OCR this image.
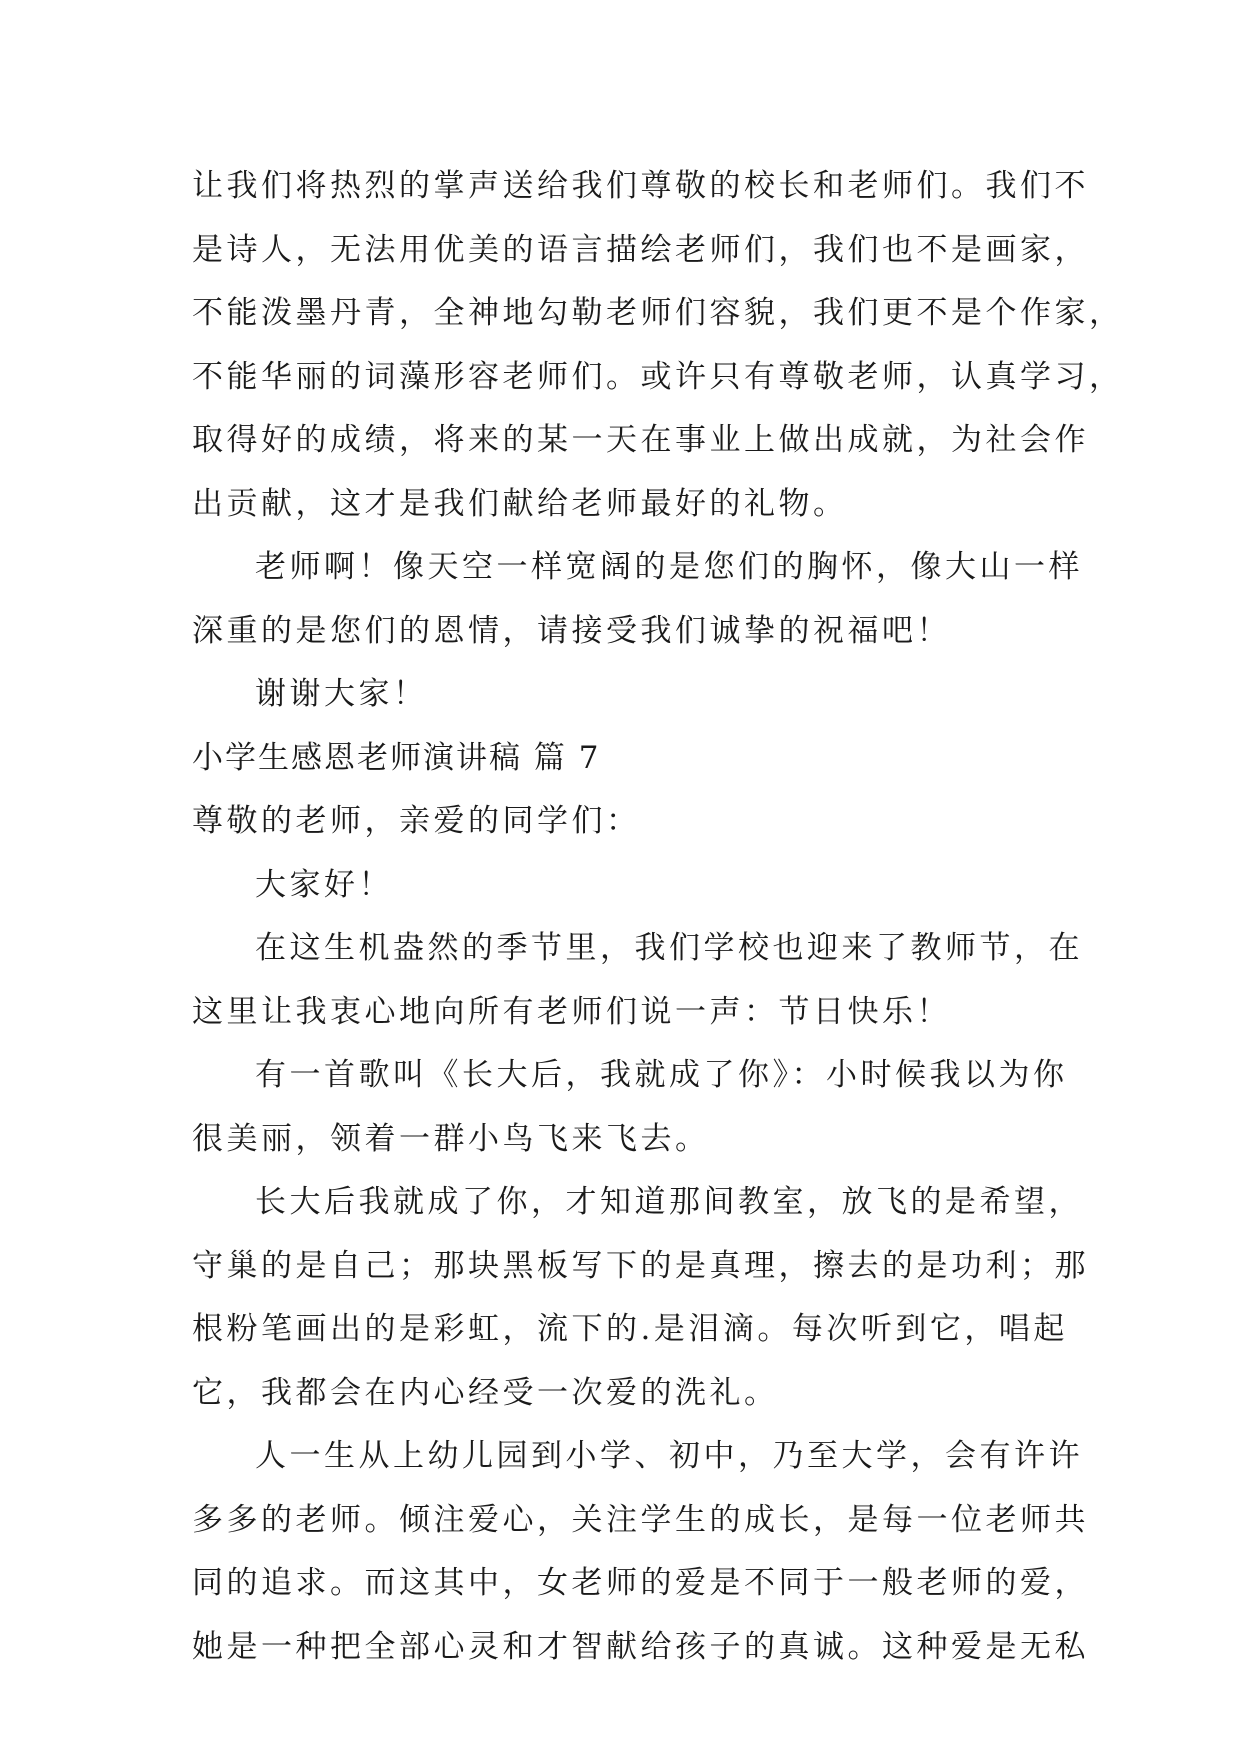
让我们将热烈的掌声送给我们尊敬的校长和老师们。我们不
是诗人，无法用优美的语言描绘老师们，我们也不是画家，
不能泼墨丹青，全神地勾勒老师们容貌，我们更不是个作家，
不能华丽的词藻形容老师们。或许只有尊敬老师，认真学习，
取得好的成绩，将来的某一天在事业上做出成就，为社会作
出贡献，这才是我们献给老师最好的礼物。
老师啊！像天空一样宽阔的是您们的胸怀，像大山一样
深重的是您们的恩情，请接受我们诚挚的祝福吧！
谢谢大家！
小学生感恩老师演讲稿 篇 7
尊敬的老师，亲爱的同学们：
大家好！
在这生机盎然的季节里，我们学校也迎来了教师节，在
这里让我衷心地向所有老师们说一声：节日快乐！
有一首歌叫《长大后，我就成了你》：小时候我以为你
很美丽，领着一群小鸟飞来飞去。
长大后我就成了你，才知道那间教室，放飞的是希望，
守巢的是自己；那块黑板写下的是真理，擦去的是功利；那
根粉笔画出的是彩虹，流下的.是泪滴。每次听到它，唱起
它，我都会在内心经受一次爱的洗礼。
人一生从上幼儿园到小学、初中，乃至大学，会有许许
多多的老师。倾注爱心，关注学生的成长，是每一位老师共
同的追求。而这其中，女老师的爱是不同于一般老师的爱，
她是一种把全部心灵和才智献给孩子的真诚。这种爱是无私
